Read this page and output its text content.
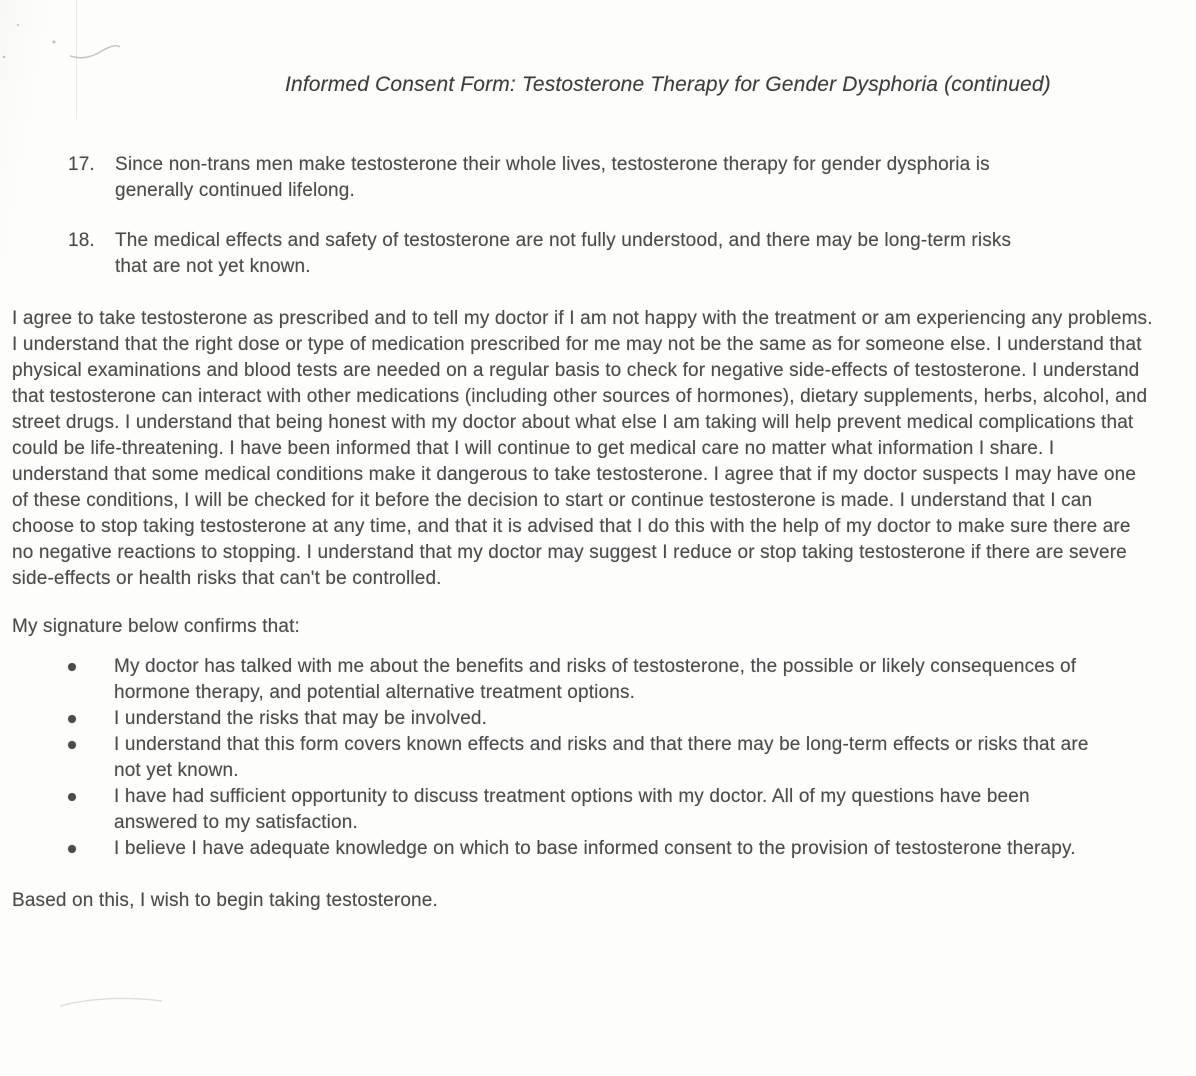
Informed Consent Form: Testosterone Therapy for Gender Dysphoria (continued)
17. Since non-trans men make testosterone their whole lives, testosterone therapy for gender dysphoria is generally continued lifelong.
18. The medical effects and safety of testosterone are not fully understood, and there may be long-term risks that are not yet known.

I agree to take testosterone as prescribed and to tell my doctor if I am not happy with the treatment or am experiencing any problems. I understand that the right dose or type of medication prescribed for me may not be the same as for someone else. I understand that physical examinations and blood tests are needed on a regular basis to check for negative side-effects of testosterone. I understand that testosterone can interact with other medications (including other sources of hormones), dietary supplements, herbs, alcohol, and street drugs. I understand that being honest with my doctor about what else I am taking will help prevent medical complications that could be life-threatening. I have been informed that I will continue to get medical care no matter what information I share. I understand that some medical conditions make it dangerous to take testosterone. I agree that if my doctor suspects I may have one of these conditions, I will be checked for it before the decision to start or continue testosterone is made. I understand that I can choose to stop taking testosterone at any time, and that it is advised that I do this with the help of my doctor to make sure there are no negative reactions to stopping. I understand that my doctor may suggest I reduce or stop taking testosterone if there are severe side-effects or health risks that can't be controlled.

My signature below confirms that:

My doctor has talked with me about the benefits and risks of testosterone, the possible or likely consequences of hormone therapy, and potential alternative treatment options.
I understand the risks that may be involved.
I understand that this form covers known effects and risks and that there may be long-term effects or risks that are not yet known.
I have had sufficient opportunity to discuss treatment options with my doctor. All of my questions have been answered to my satisfaction.
I believe I have adequate knowledge on which to base informed consent to the provision of testosterone therapy.

Based on this, I wish to begin taking testosterone.
